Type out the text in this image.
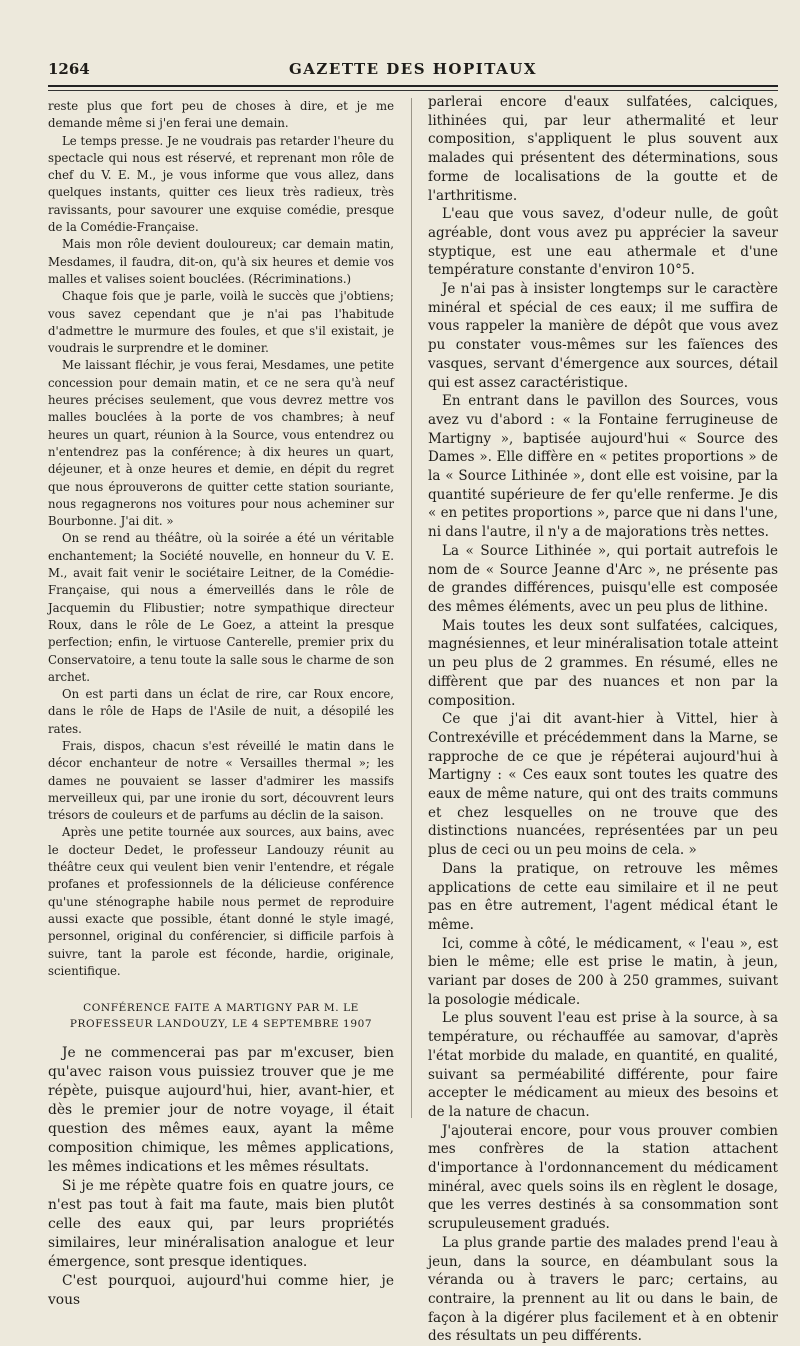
1264	GAZETTE DES HOPITAUX

reste plus que fort peu de choses à dire, et je me demande même si j'en ferai une demain.

Le temps presse. Je ne voudrais pas retarder l'heure du spectacle qui nous est réservé, et reprenant mon rôle de chef du V. E. M., je vous informe que vous allez, dans quelques instants, quitter ces lieux très radieux, très ravissants, pour savourer une exquise comédie, presque de la Comédie-Française.

Mais mon rôle devient douloureux; car demain matin, Mesdames, il faudra, dit-on, qu'à six heures et demie vos malles et valises soient bouclées. (Récriminations.)

Chaque fois que je parle, voilà le succès que j'obtiens; vous savez cependant que je n'ai pas l'habitude d'admettre le murmure des foules, et que s'il existait, je voudrais le surprendre et le dominer.

Me laissant fléchir, je vous ferai, Mesdames, une petite concession pour demain matin, et ce ne sera qu'à neuf heures précises seulement, que vous devrez mettre vos malles bouclées à la porte de vos chambres; à neuf heures un quart, réunion à la Source, vous entendrez ou n'entendrez pas la conférence; à dix heures un quart, déjeuner, et à onze heures et demie, en dépit du regret que nous éprouverons de quitter cette station souriante, nous regagnerons nos voitures pour nous acheminer sur Bourbonne. J'ai dit. »

On se rend au théâtre, où la soirée a été un véritable enchantement; la Société nouvelle, en honneur du V. E. M., avait fait venir le sociétaire Leitner, de la Comédie-Française, qui nous a émerveillés dans le rôle de Jacquemin du Flibustier; notre sympathique directeur Roux, dans le rôle de Le Goez, a atteint la presque perfection; enfin, le virtuose Canterelle, premier prix du Conservatoire, a tenu toute la salle sous le charme de son archet.

On est parti dans un éclat de rire, car Roux encore, dans le rôle de Haps de l'Asile de nuit, a désopilé les rates.

Frais, dispos, chacun s'est réveillé le matin dans le décor enchanteur de notre « Versailles thermal »; les dames ne pouvaient se lasser d'admirer les massifs merveilleux qui, par une ironie du sort, découvrent leurs trésors de couleurs et de parfums au déclin de la saison.

Après une petite tournée aux sources, aux bains, avec le docteur Dedet, le professeur Landouzy réunit au théâtre ceux qui veulent bien venir l'entendre, et régale profanes et professionnels de la délicieuse conférence qu'une sténographe habile nous permet de reproduire aussi exacte que possible, étant donné le style imagé, personnel, original du conférencier, si difficile parfois à suivre, tant la parole est féconde, hardie, originale, scientifique.

CONFÉRENCE FAITE A MARTIGNY PAR M. LE PROFESSEUR LANDOUZY, LE 4 SEPTEMBRE 1907

Je ne commencerai pas par m'excuser, bien qu'avec raison vous puissiez trouver que je me répète, puisque aujourd'hui, hier, avant-hier, et dès le premier jour de notre voyage, il était question des mêmes eaux, ayant la même composition chimique, les mêmes applications, les mêmes indications et les mêmes résultats.

Si je me répète quatre fois en quatre jours, ce n'est pas tout à fait ma faute, mais bien plutôt celle des eaux qui, par leurs propriétés similaires, leur minéralisation analogue et leur émergence, sont presque identiques.

C'est pourquoi, aujourd'hui comme hier, je vous

parlerai encore d'eaux sulfatées, calciques, lithinées qui, par leur athermalité et leur composition, s'appliquent le plus souvent aux malades qui présentent des déterminations, sous forme de localisations de la goutte et de l'arthritisme.

L'eau que vous savez, d'odeur nulle, de goût agréable, dont vous avez pu apprécier la saveur styptique, est une eau athermale et d'une température constante d'environ 10°5.

Je n'ai pas à insister longtemps sur le caractère minéral et spécial de ces eaux; il me suffira de vous rappeler la manière de dépôt que vous avez pu constater vous-mêmes sur les faïences des vasques, servant d'émergence aux sources, détail qui est assez caractéristique.

En entrant dans le pavillon des Sources, vous avez vu d'abord : « la Fontaine ferrugineuse de Martigny », baptisée aujourd'hui « Source des Dames ». Elle diffère en « petites proportions » de la « Source Lithinée », dont elle est voisine, par la quantité supérieure de fer qu'elle renferme. Je dis « en petites proportions », parce que ni dans l'une, ni dans l'autre, il n'y a de majorations très nettes.

La « Source Lithinée », qui portait autrefois le nom de « Source Jeanne d'Arc », ne présente pas de grandes différences, puisqu'elle est composée des mêmes éléments, avec un peu plus de lithine.

Mais toutes les deux sont sulfatées, calciques, magnésiennes, et leur minéralisation totale atteint un peu plus de 2 grammes. En résumé, elles ne diffèrent que par des nuances et non par la composition.

Ce que j'ai dit avant-hier à Vittel, hier à Contrexéville et précédemment dans la Marne, se rapproche de ce que je répéterai aujourd'hui à Martigny : « Ces eaux sont toutes les quatre des eaux de même nature, qui ont des traits communs et chez lesquelles on ne trouve que des distinctions nuancées, représentées par un peu plus de ceci ou un peu moins de cela. »

Dans la pratique, on retrouve les mêmes applications de cette eau similaire et il ne peut pas en être autrement, l'agent médical étant le même.

Ici, comme à côté, le médicament, « l'eau », est bien le même; elle est prise le matin, à jeun, variant par doses de 200 à 250 grammes, suivant la posologie médicale.

Le plus souvent l'eau est prise à la source, à sa température, ou réchauffée au samovar, d'après l'état morbide du malade, en quantité, en qualité, suivant sa perméabilité différente, pour faire accepter le médicament au mieux des besoins et de la nature de chacun.

J'ajouterai encore, pour vous prouver combien mes confrères de la station attachent d'importance à l'ordonnancement du médicament minéral, avec quels soins ils en règlent le dosage, que les verres destinés à sa consommation sont scrupuleusement gradués.

La plus grande partie des malades prend l'eau à jeun, dans la source, en déambulant sous la véranda ou à travers le parc; certains, au contraire, la prennent au lit ou dans le bain, de façon à la digérer plus facilement et à en obtenir des résultats un peu différents.
